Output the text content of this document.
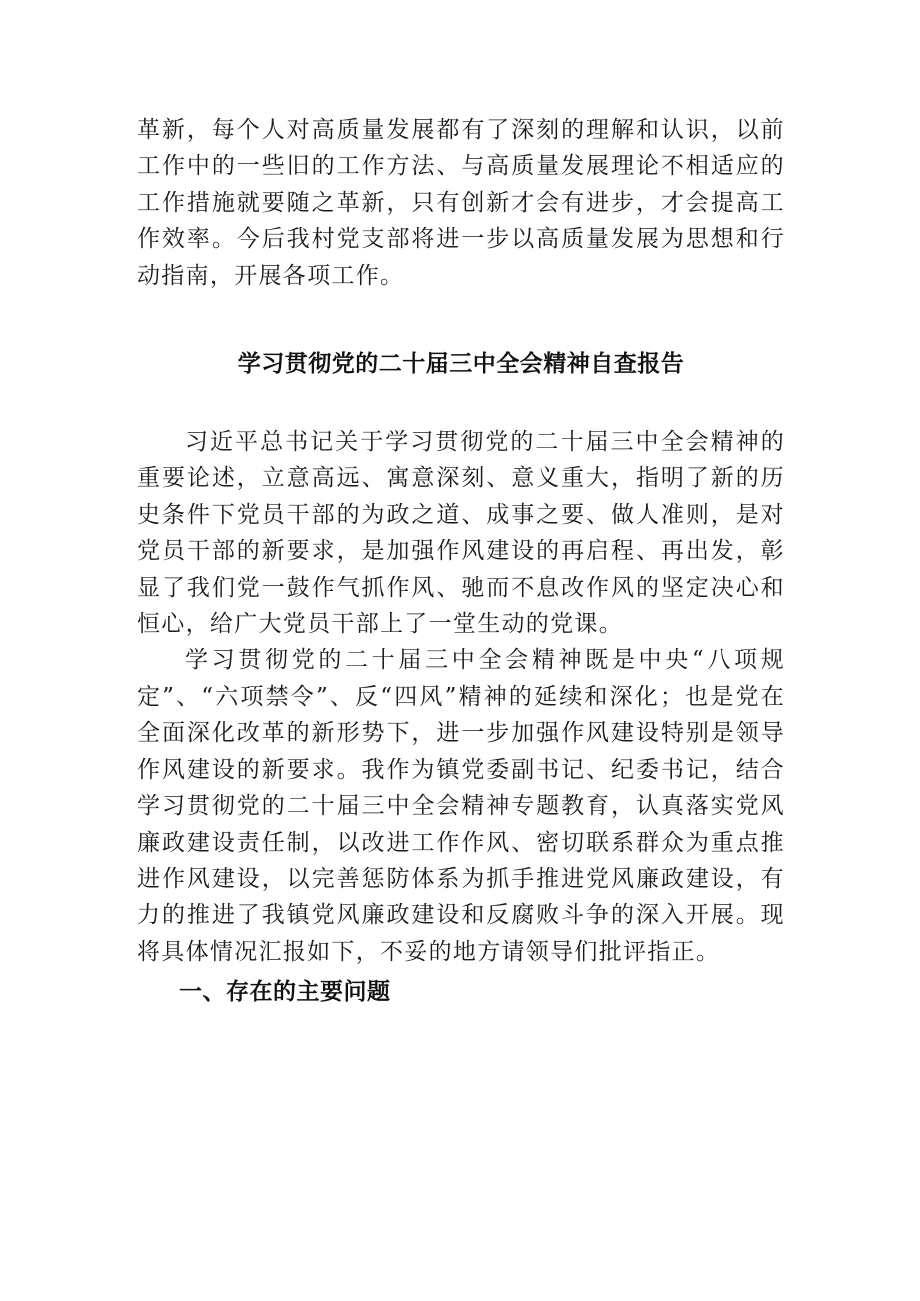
革新，每个人对高质量发展都有了深刻的理解和认识，以前工作中的一些旧的工作方法、与高质量发展理论不相适应的工作措施就要随之革新，只有创新才会有进步，才会提高工作效率。今后我村党支部将进一步以高质量发展为思想和行动指南，开展各项工作。

学习贯彻党的二十届三中全会精神自查报告

习近平总书记关于学习贯彻党的二十届三中全会精神的重要论述，立意高远、寓意深刻、意义重大，指明了新的历史条件下党员干部的为政之道、成事之要、做人准则，是对党员干部的新要求，是加强作风建设的再启程、再出发，彰显了我们党一鼓作气抓作风、驰而不息改作风的坚定决心和恒心，给广大党员干部上了一堂生动的党课。

学习贯彻党的二十届三中全会精神既是中央“八项规定”、“六项禁令”、反“四风”精神的延续和深化；也是党在全面深化改革的新形势下，进一步加强作风建设特别是领导作风建设的新要求。我作为镇党委副书记、纪委书记，结合学习贯彻党的二十届三中全会精神专题教育，认真落实党风廉政建设责任制，以改进工作作风、密切联系群众为重点推进作风建设，以完善惩防体系为抓手推进党风廉政建设，有力的推进了我镇党风廉政建设和反腐败斗争的深入开展。现将具体情况汇报如下，不妥的地方请领导们批评指正。

一、存在的主要问题
